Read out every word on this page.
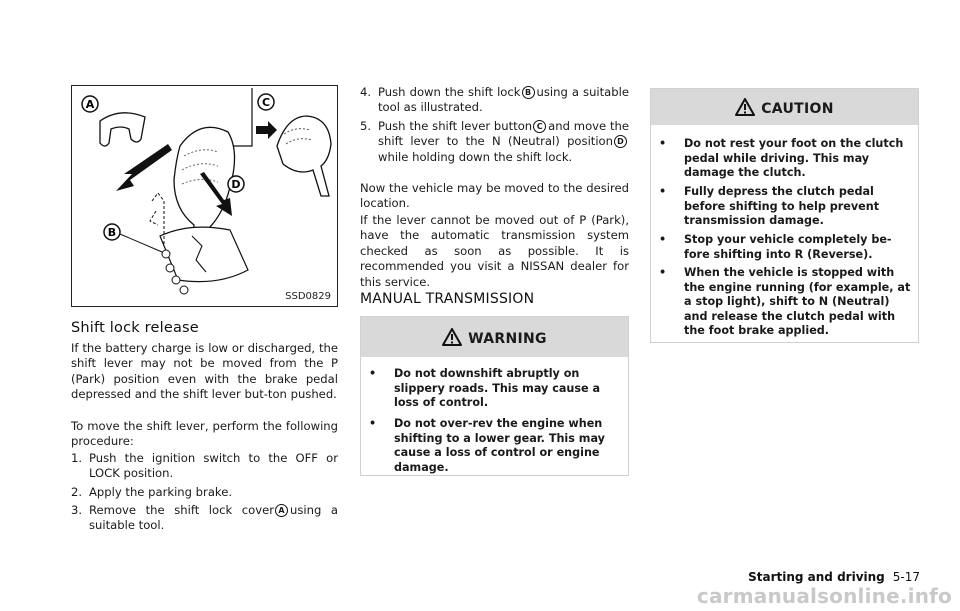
A
B
C
D
SSD0829
Shift lock release
If the battery charge is low or discharged, the shift lever may not be moved from the P (Park) position even with the brake pedal depressed and the shift lever but-ton pushed.
To move the shift lever, perform the following procedure:
1. Push the ignition switch to the OFF or LOCK position.
2. Apply the parking brake.
3. Remove the shift lock cover A using a suitable tool.
4. Push down the shift lock B using a suitable tool as illustrated.
5. Push the shift lever button C and move the shift lever to the N (Neutral) position Dwhile holding down the shift lock.
Now the vehicle may be moved to the desired location.
If the lever cannot be moved out of P (Park), have the automatic transmission system checked as soon as possible. It is recommended you visit a NISSAN dealer for this service.
MANUAL TRANSMISSION
WARNING
• Do not downshift abruptly on slippery roads. This may cause a loss of control.
• Do not over-rev the engine when shifting to a lower gear. This may cause a loss of control or engine damage.
CAUTION
• Do not rest your foot on the clutch pedal while driving. This may damage the clutch.
• Fully depress the clutch pedal before shifting to help prevent transmission damage.
• Stop your vehicle completely be-fore shifting into R (Reverse).
• When the vehicle is stopped with the engine running (for example, at a stop light), shift to N (Neutral) and release the clutch pedal with the foot brake applied.
Starting and driving 5-17
carmanualsonline.info
